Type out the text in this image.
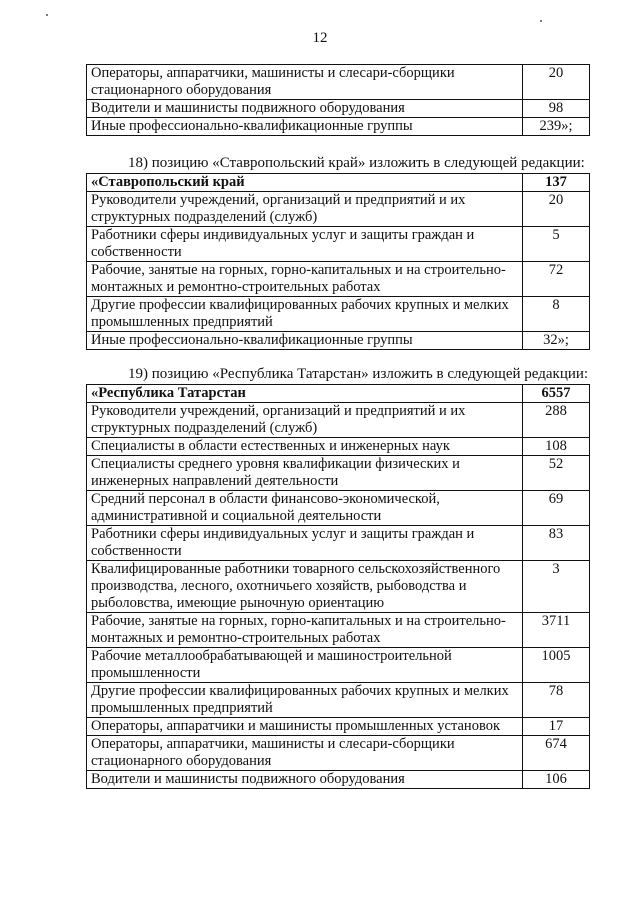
12
Операторы, аппаратчики, машинисты и слесари-сборщики стационарного оборудования	20
Водители и машинисты подвижного оборудования	98
Иные профессионально-квалификационные группы	239»;
18) позицию «Ставропольский край» изложить в следующей редакции:
«Ставропольский край	137
Руководители учреждений, организаций и предприятий и их структурных подразделений (служб)	20
Работники сферы индивидуальных услуг и защиты граждан и собственности	5
Рабочие, занятые на горных, горно-капитальных и на строительно-монтажных и ремонтно-строительных работах	72
Другие профессии квалифицированных рабочих крупных и мелких промышленных предприятий	8
Иные профессионально-квалификационные группы	32»;
19) позицию «Республика Татарстан» изложить в следующей редакции:
«Республика Татарстан	6557
Руководители учреждений, организаций и предприятий и их структурных подразделений (служб)	288
Специалисты в области естественных и инженерных наук	108
Специалисты среднего уровня квалификации физических и инженерных направлений деятельности	52
Средний персонал в области финансово-экономической, административной и социальной деятельности	69
Работники сферы индивидуальных услуг и защиты граждан и собственности	83
Квалифицированные работники товарного сельскохозяйственного производства, лесного, охотничьего хозяйств, рыбоводства и рыболовства, имеющие рыночную ориентацию	3
Рабочие, занятые на горных, горно-капитальных и на строительно-монтажных и ремонтно-строительных работах	3711
Рабочие металлообрабатывающей и машиностроительной промышленности	1005
Другие профессии квалифицированных рабочих крупных и мелких промышленных предприятий	78
Операторы, аппаратчики и машинисты промышленных установок	17
Операторы, аппаратчики, машинисты и слесари-сборщики стационарного оборудования	674
Водители и машинисты подвижного оборудования	106
